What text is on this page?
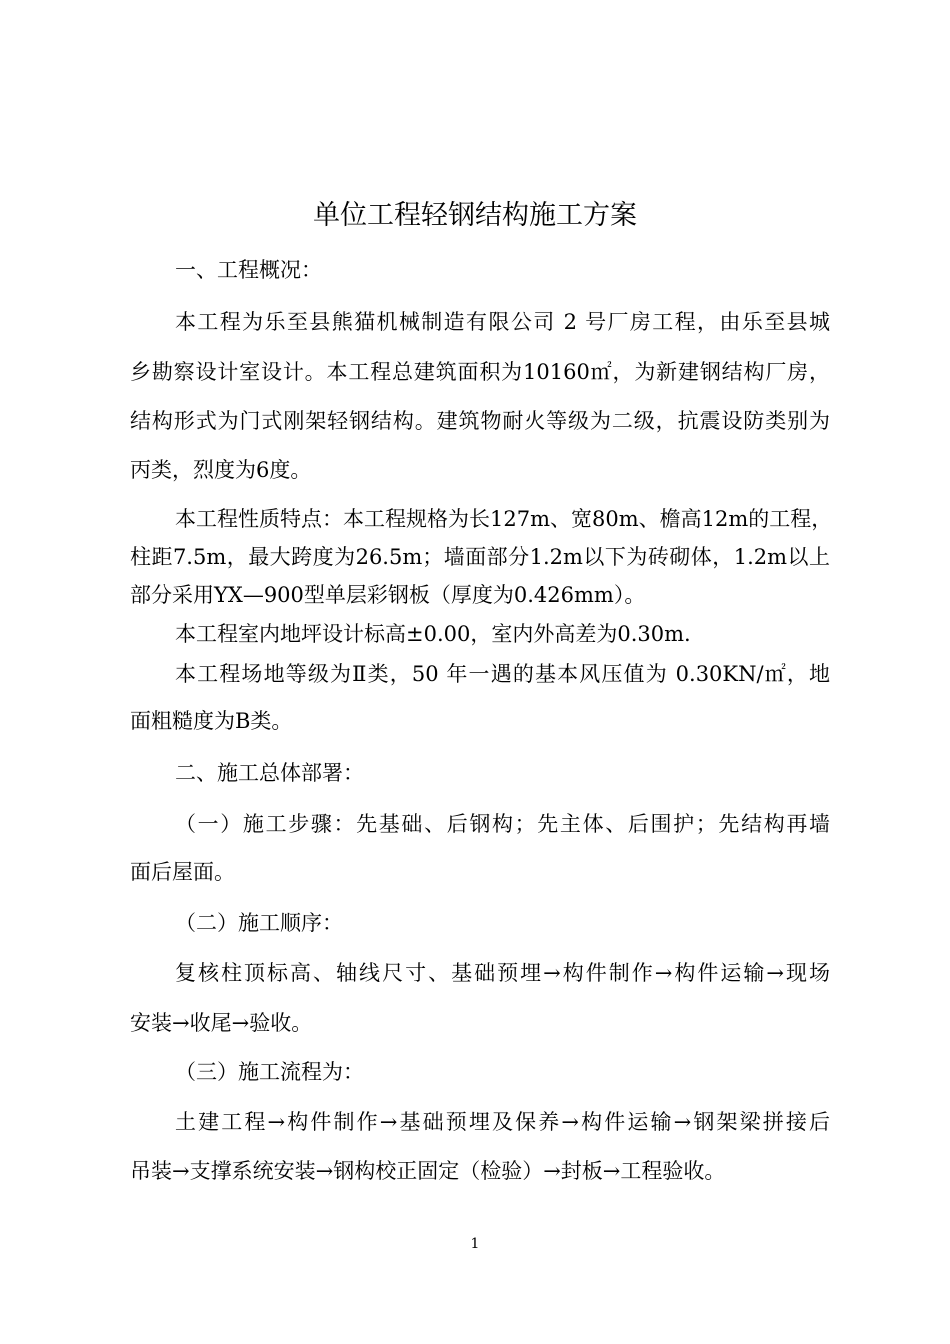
单位工程轻钢结构施工方案
一、工程概况：
本工程为乐至县熊猫机械制造有限公司 2 号厂房工程，由乐至县城
乡勘察设计室设计。本工程总建筑面积为10160㎡，为新建钢结构厂房，
结构形式为门式刚架轻钢结构。建筑物耐火等级为二级，抗震设防类别为
丙类，烈度为6度。
本工程性质特点：本工程规格为长127m、宽80m、檐高12m的工程，
柱距7.5m，最大跨度为26.5m；墙面部分1.2m以下为砖砌体，1.2m以上
部分采用YX—900型单层彩钢板（厚度为0.426mm）。
本工程室内地坪设计标高±0.00，室内外高差为0.30m.
本工程场地等级为Ⅱ类，50 年一遇的基本风压值为 0.30KN/㎡，地
面粗糙度为B类。
二、施工总体部署：
（一）施工步骤：先基础、后钢构；先主体、后围护；先结构再墙
面后屋面。
（二）施工顺序：
复核柱顶标高、轴线尺寸、基础预埋→构件制作→构件运输→现场
安装→收尾→验收。
（三）施工流程为：
土建工程→构件制作→基础预埋及保养→构件运输→钢架梁拼接后
吊装→支撑系统安装→钢构校正固定（检验）→封板→工程验收。
1
